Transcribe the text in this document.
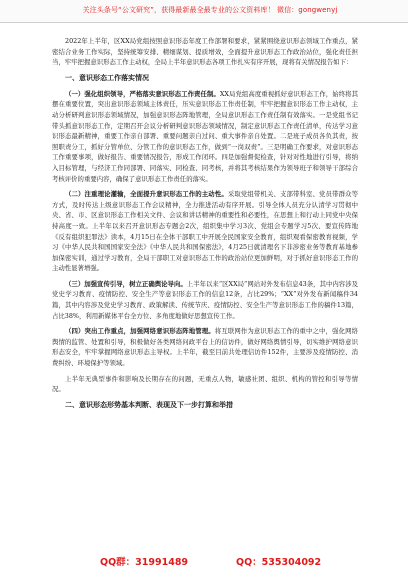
关注头条号“公文研究”，获得最新最全最专业的公文资料库！ 微信：gongwenyj

2022年上半年，区XX局党组按照意识形态年度工作部署和要求，紧紧围绕意识形态领域工作重点，紧密结合业务工作实际，坚持统筹安排、精细谋划、提质增效，全面提升意识形态工作政治站位，强化责任担当，牢牢把握意识形态工作主动权，全局上半年意识形态各项工作扎实有序开展，现将有关情况报告如下：

一、意识形态工作落实情况

（一）强化组织领导，严格落实意识形态工作责任制。XX局党组高度重视抓好意识形态工作，始终将其摆在重要位置，突出意识形态领域主体责任，压实意识形态工作责任制，牢牢把握意识形态工作主动权，主动分析研判意识形态领域情况，加强意识形态阵地管理，全局意识形态工作责任制有效落实。一是党组书记带头抓意识形态工作，定期召开会议分析研判意识形态领域情况，制定意识形态工作责任清单，传达学习意识形态最新精神，重要工作亲自部署、重要问题亲自过问、重大事件亲自处置。二是班子成员各负其责，按照职责分工，抓好分管单位、分管工作的意识形态工作，做到“一岗双责”。三是明确工作要求，对意识形态工作重要事项，做好报告、重要情况报告，形成工作闭环。四是加强督促检查，针对对性地进行引导，将纳入目标管理，与经济工作同部署、同落实、同检查、同考核，并将其考核结果作为领导班子和领导干部综合考核评价的重要内容，确保了意识形态工作责任的落实。

（二）注重理论灌输，全面提升意识形态工作的主动性。采取党组带机关、支部带科室、党员带群众等方式，及时传达上级意识形态工作会议精神，全力推进活动有序开展。引导全体人员充分认清学习贯彻中央、省、市、区意识形态工作相关文件、会议和讲话精神的重要性和必要性，在思想上和行动上同党中央保持高度一致。上半年以来召开意识形态专题会2次，组织集中学习3次、党组会专题学习5次、要宣传阵地《反有组织犯罪法》读本，4月15日在全体干部职工中开展全民国家安全教育，组织观看保密教育视频，学习《中华人民共和国国家安全法》《中华人民共和国保密法》，4月25日就清理名下非涉密业务等教育基地参加保密实训，通过学习教育，全局干部职工对意识形态工作的政治站位更加鲜明，对于抓好意识形态工作的主动性显著增强。

（三）加强宣传引导，树立正确舆论导向。上半年以来“区XX局”网站对外发布信息43条，其中内容涉及党史学习教育、疫情防控、安全生产等意识形态工作的信息12条，占比29%；“XX”对外发布新闻稿件34篇，其中内容涉及党史学习教育、政策解读、传统节庆、疫情防控、安全生产等意识形态工作的稿件13篇，占比38%，利用新媒体平台全方位、多角度地做好思想宣传工作。

（四）突出工作重点，加强网络意识形态阵地管理。将互联网作为意识形态工作的重中之中，强化网络舆情的监管、处置和引导，积极做好各类网络问政平台上的信访件，做好网络舆情引导，切实维护网络意识形态安全，牢牢掌握网络意识形态主导权。上半年，截至目前共处理信访件152件，主要涉及疫情防控、消费纠纷、环境保护等领域。

上半年无典型事件和影响及长期存在的问题，无重点人物，敏感社团、组织、机构的管控和引导等情况。

二、意识形态形势基本判断、表现及下一步打算和举措
QQ群：31991489	QQ：535304092
